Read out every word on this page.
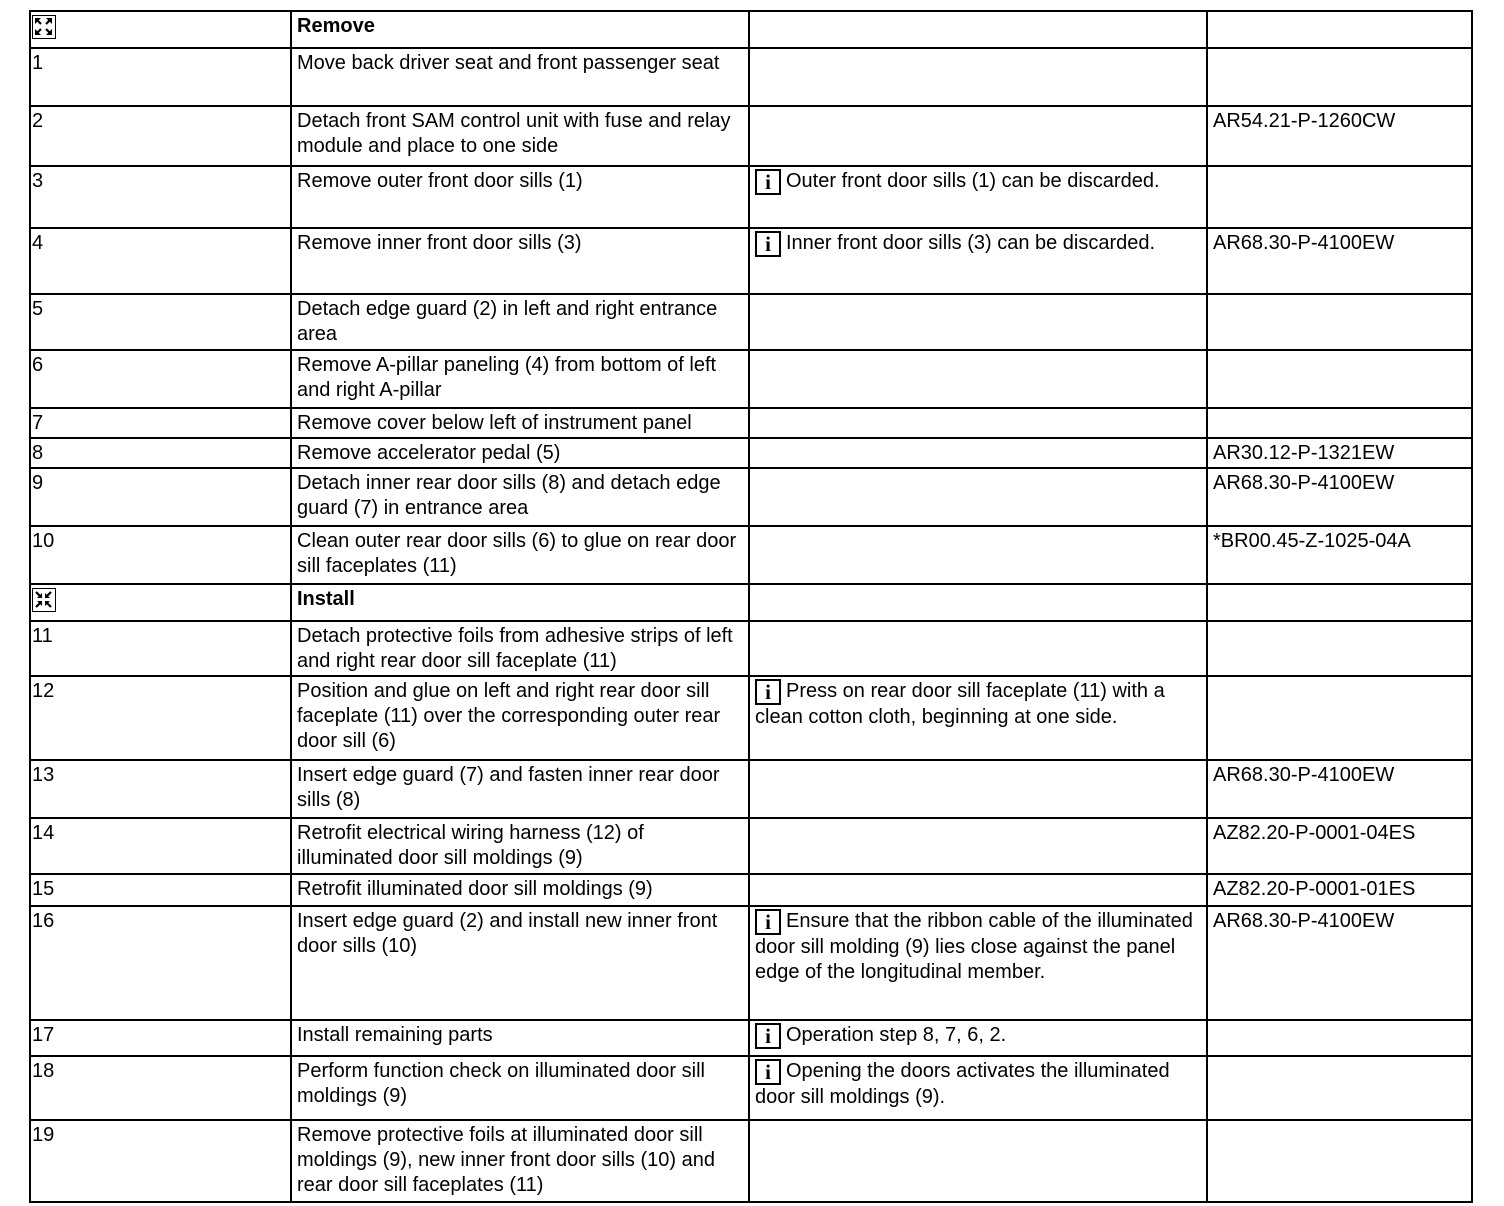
	Remove		
1	Move back driver seat and front passenger seat		
2	Detach front SAM control unit with fuse and relay module and place to one side		AR54.21-P-1260CW
3	Remove outer front door sills (1)	i Outer front door sills (1) can be discarded.	
4	Remove inner front door sills (3)	i Inner front door sills (3) can be discarded.	AR68.30-P-4100EW
5	Detach edge guard (2) in left and right entrance area		
6	Remove A-pillar paneling (4) from bottom of left and right A-pillar		
7	Remove cover below left of instrument panel		
8	Remove accelerator pedal (5)		AR30.12-P-1321EW
9	Detach inner rear door sills (8) and detach edge guard (7) in entrance area		AR68.30-P-4100EW
10	Clean outer rear door sills (6) to glue on rear door sill faceplates (11)		*BR00.45-Z-1025-04A

	Install		
11	Detach protective foils from adhesive strips of left and right rear door sill faceplate (11)		
12	Position and glue on left and right rear door sill faceplate (11) over the corresponding outer rear door sill (6)	i Press on rear door sill faceplate (11) with a clean cotton cloth, beginning at one side.	
13	Insert edge guard (7) and fasten inner rear door sills (8)		AR68.30-P-4100EW
14	Retrofit electrical wiring harness (12) of illuminated door sill moldings (9)		AZ82.20-P-0001-04ES
15	Retrofit illuminated door sill moldings (9)		AZ82.20-P-0001-01ES
16	Insert edge guard (2) and install new inner front door sills (10)	i Ensure that the ribbon cable of the illuminated door sill molding (9) lies close against the panel edge of the longitudinal member.	AR68.30-P-4100EW
17	Install remaining parts	i Operation step 8, 7, 6, 2.	
18	Perform function check on illuminated door sill moldings (9)	i Opening the doors activates the illuminated door sill moldings (9).	
19	Remove protective foils at illuminated door sill moldings (9), new inner front door sills (10) and rear door sill faceplates (11)		
